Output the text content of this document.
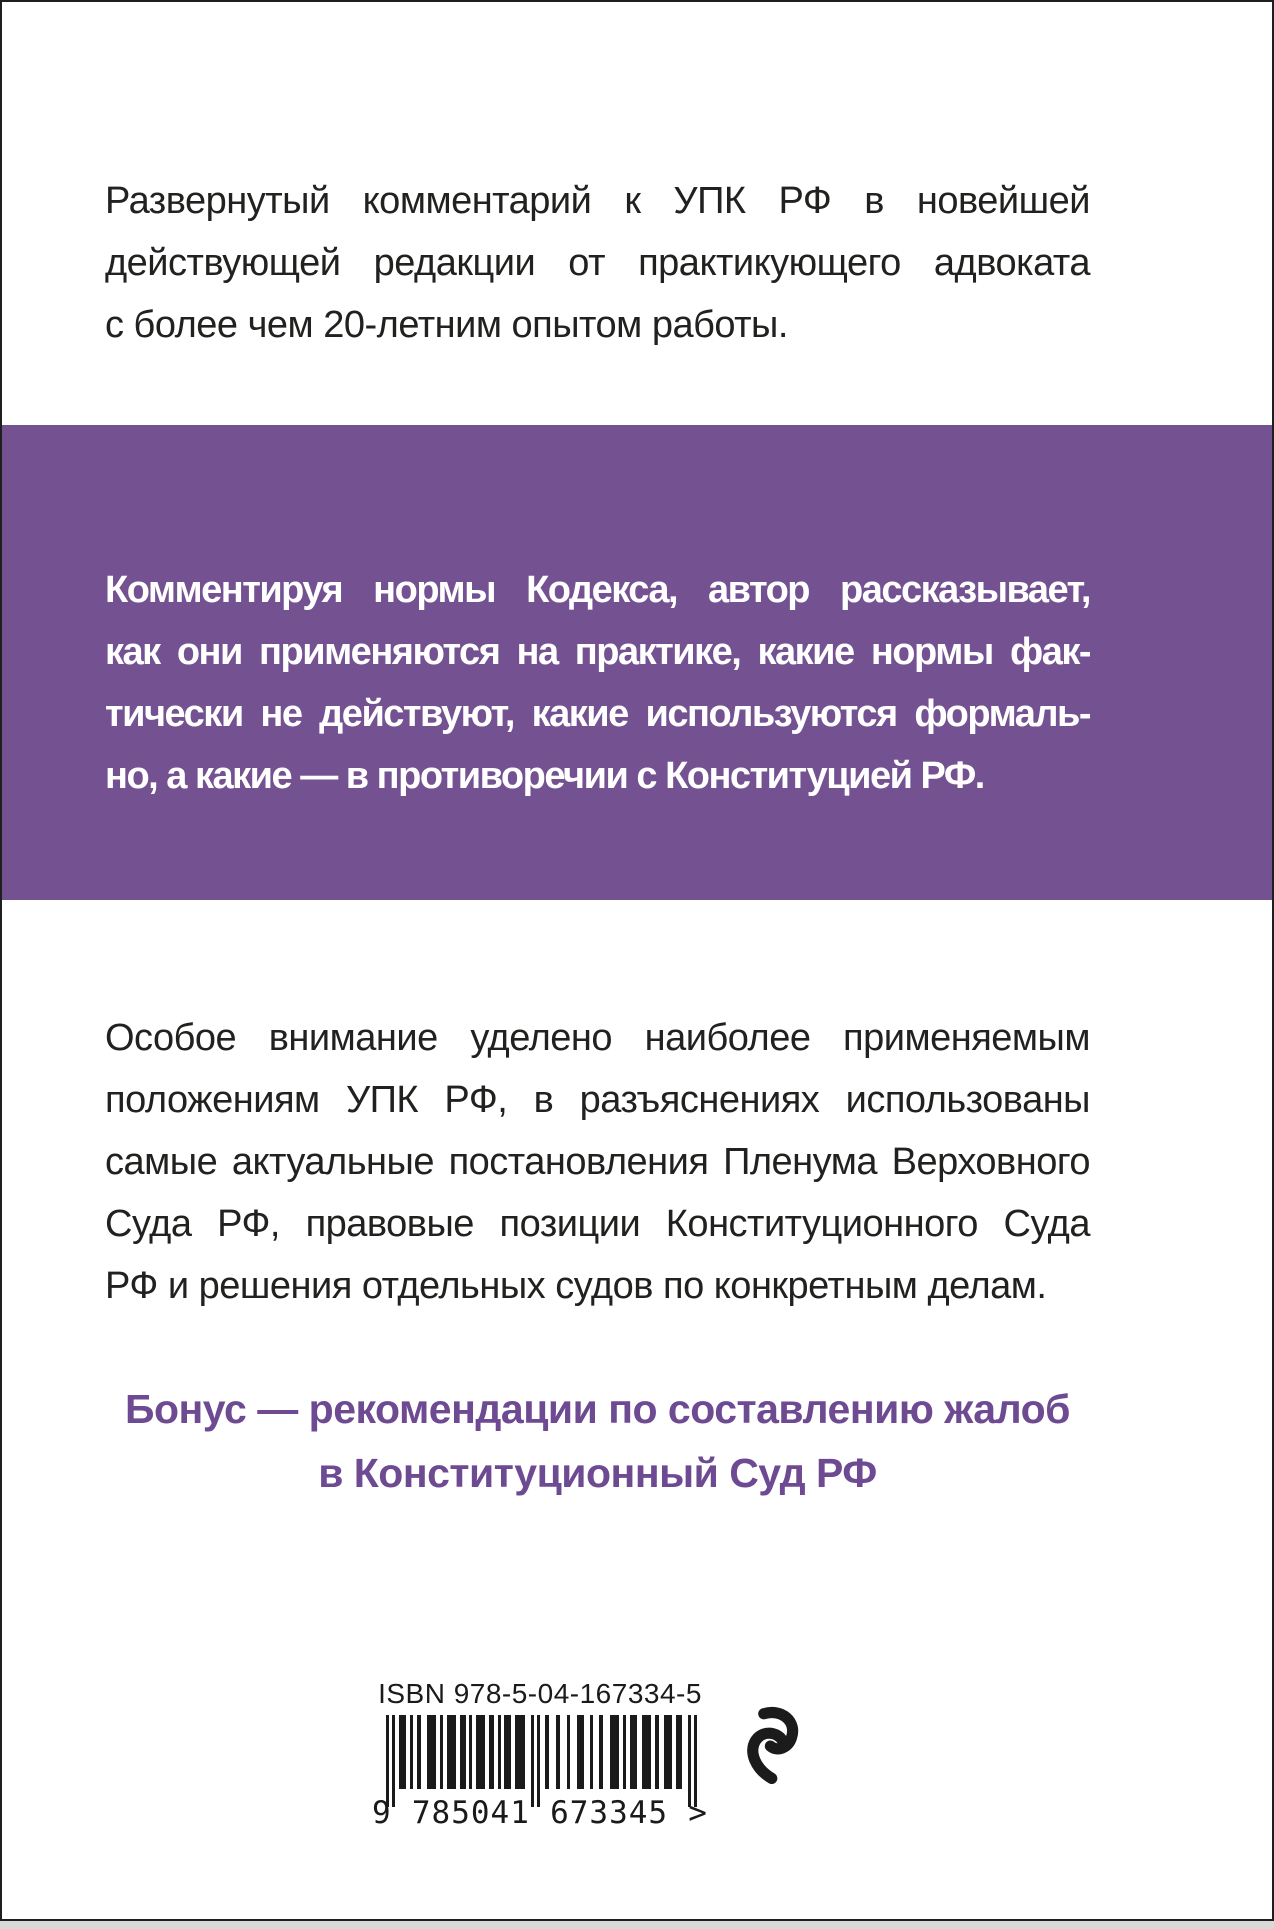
Развернутый комментарий к УПК РФ в новейшей
действующей редакции от практикующего адвоката
с более чем 20-летним опытом работы.
Комментируя нормы Кодекса, автор рассказывает,
как они применяются на практике, какие нормы фак-
тически не действуют, какие используются формаль-
но, а какие — в противоречии с Конституцией РФ.
Особое внимание уделено наиболее применяемым
положениям УПК РФ, в разъяснениях использованы
самые актуальные постановления Пленума Верховного
Суда РФ, правовые позиции Конституционного Суда
РФ и решения отдельных судов по конкретным делам.
Бонус — рекомендации по составлению жалоб
в Конституционный Суд РФ
ISBN 978-5-04-167334-5
9 785041 673345 >
